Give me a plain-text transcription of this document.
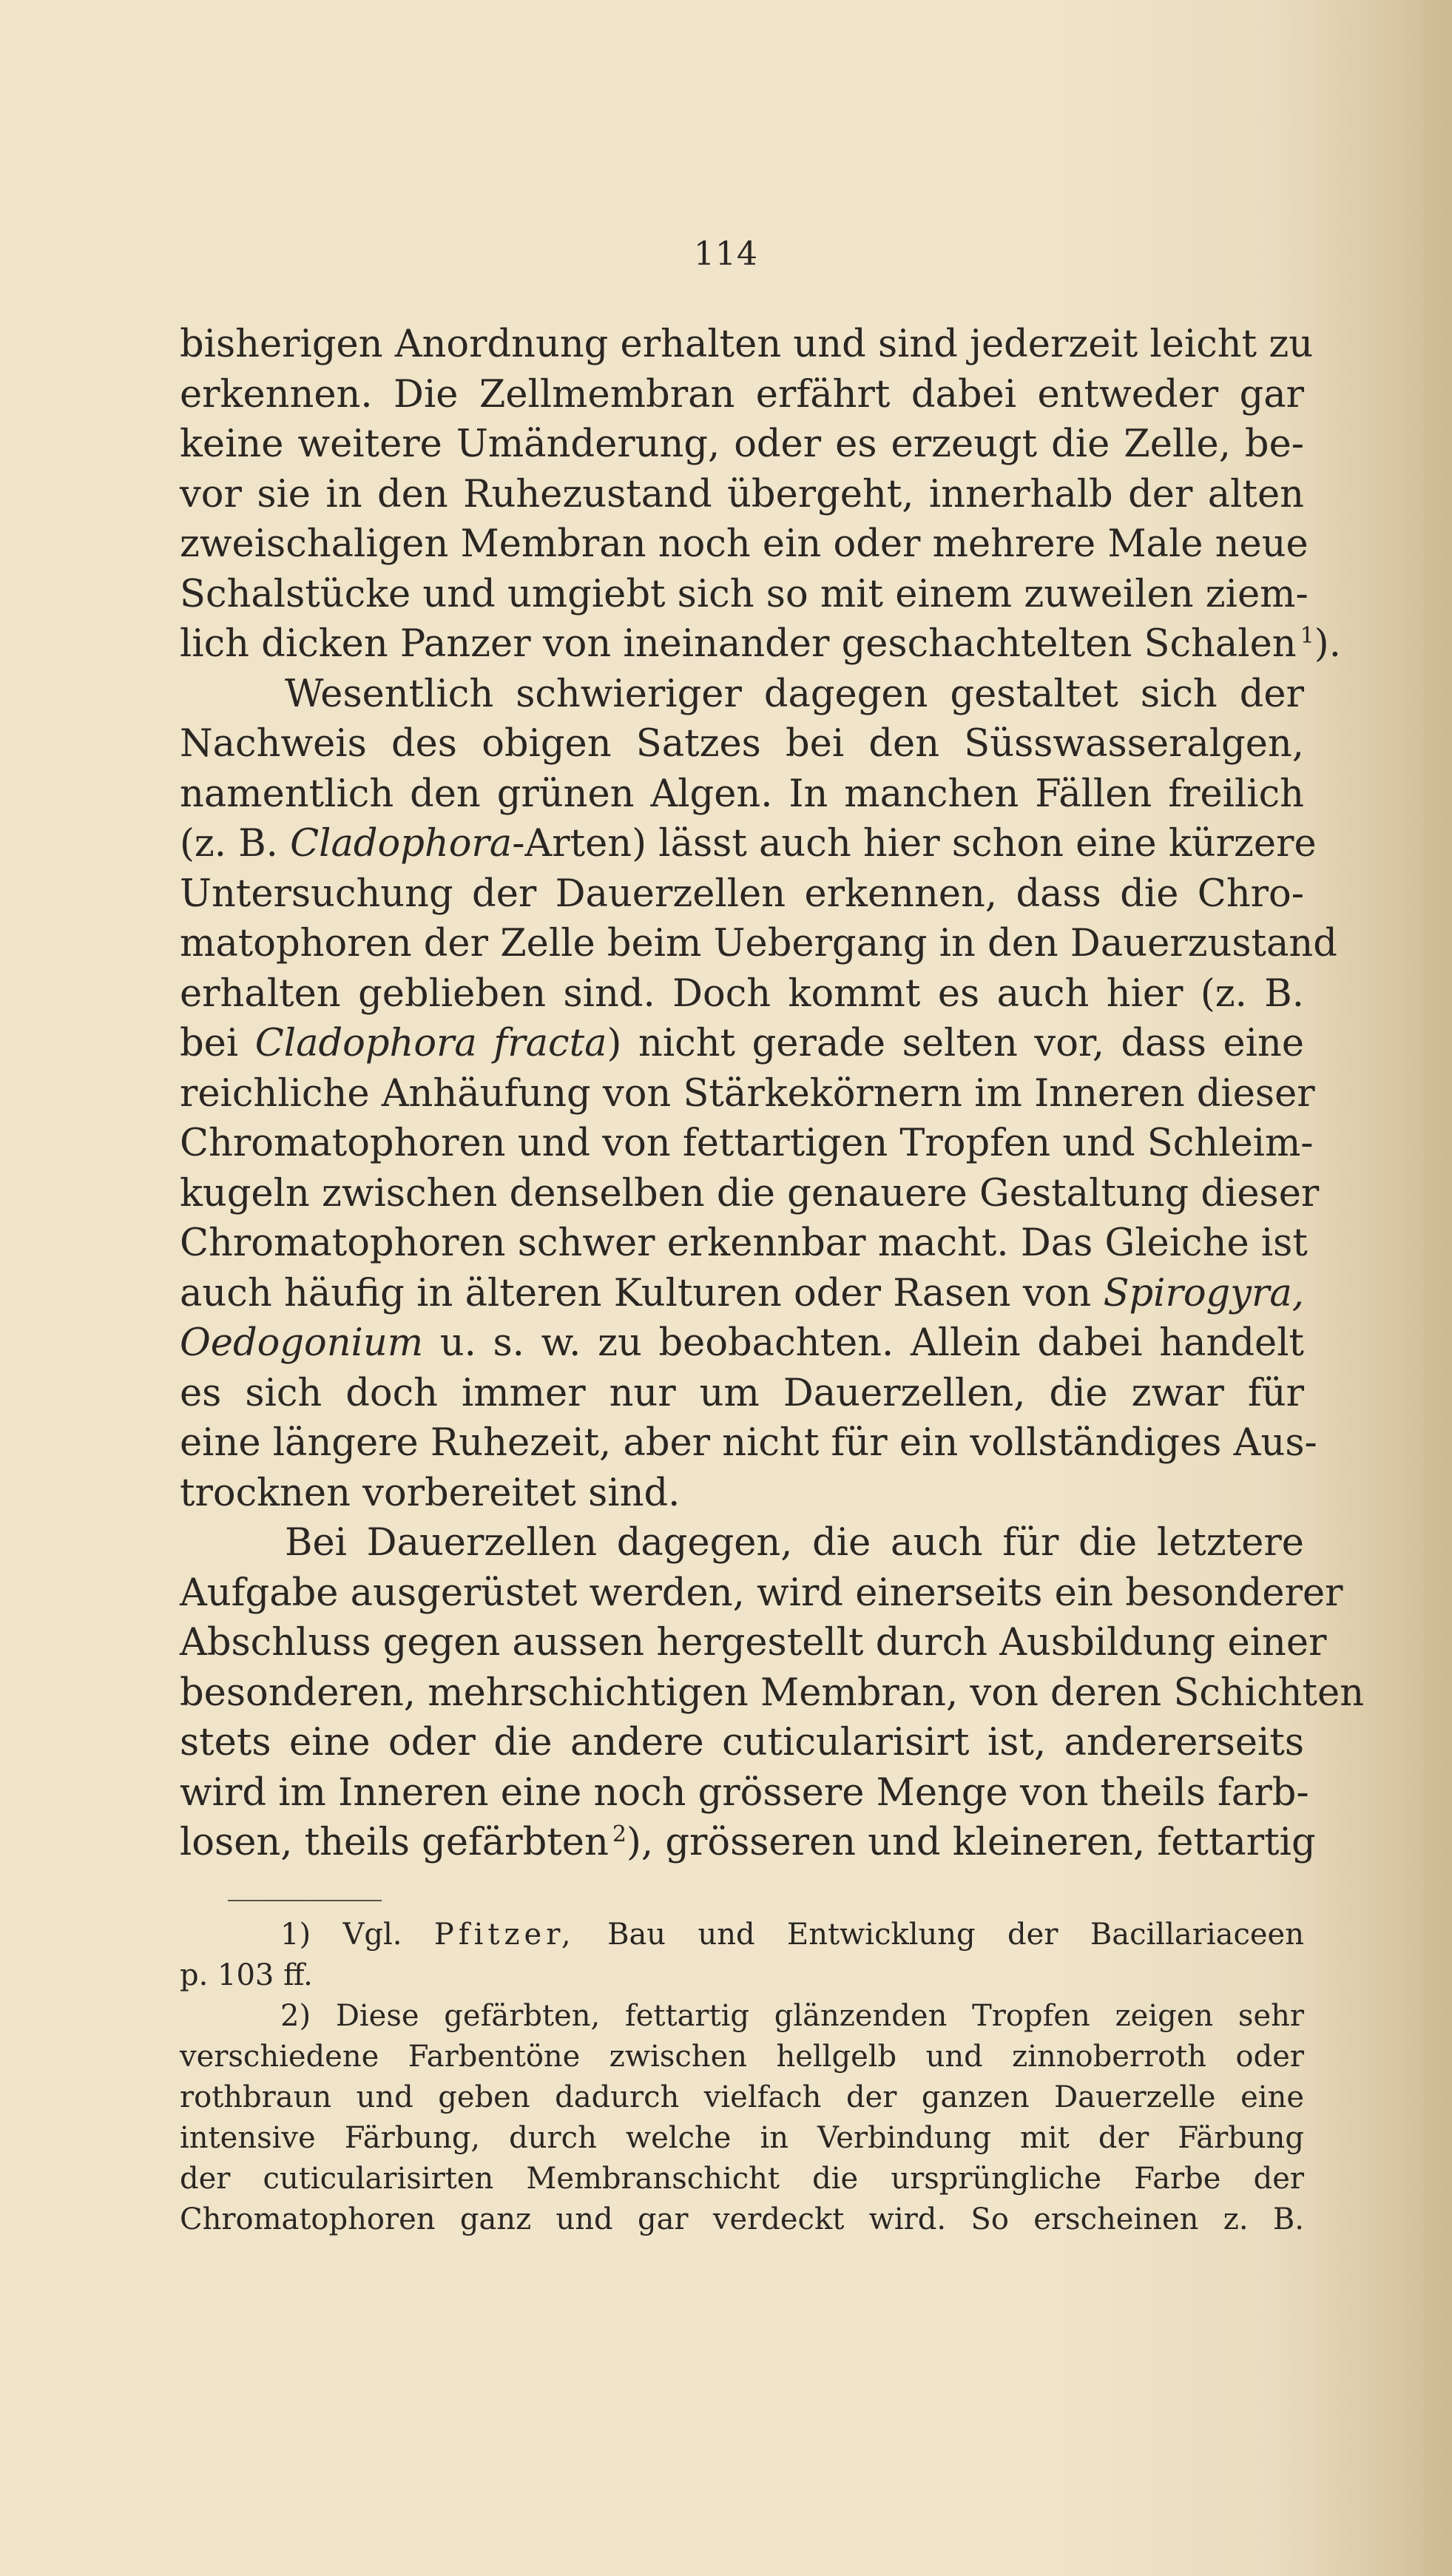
114
bisherigen Anordnung erhalten und sind jederzeit leicht zu
erkennen. Die Zellmembran erfährt dabei entweder gar
keine weitere Umänderung, oder es erzeugt die Zelle, be-
vor sie in den Ruhezustand übergeht, innerhalb der alten
zweischaligen Membran noch ein oder mehrere Male neue
Schalstücke und umgiebt sich so mit einem zuweilen ziem-
lich dicken Panzer von ineinander geschachtelten Schalen  $^1$).
Wesentlich schwieriger dagegen gestaltet sich der
Nachweis des obigen Satzes bei den Süsswasseralgen,
namentlich den grünen Algen. In manchen Fällen freilich
(z. B. Cladophora-Arten) lässt auch hier schon eine kürzere
Untersuchung der Dauerzellen erkennen, dass die Chro-
matophoren der Zelle beim Uebergang in den Dauerzustand
erhalten geblieben sind. Doch kommt es auch hier (z. B.
bei Cladophora fracta) nicht gerade selten vor, dass eine
reichliche Anhäufung von Stärkekörnern im Inneren dieser
Chromatophoren und von fettartigen Tropfen und Schleim-
kugeln zwischen denselben die genauere Gestaltung dieser
Chromatophoren schwer erkennbar macht. Das Gleiche ist
auch häufig in älteren Kulturen oder Rasen von Spirogyra,
Oedogonium u. s. w. zu beobachten. Allein dabei handelt
es sich doch immer nur um Dauerzellen, die zwar für
eine längere Ruhezeit, aber nicht für ein vollständiges Aus-
trocknen vorbereitet sind.
Bei Dauerzellen dagegen, die auch für die letztere
Aufgabe ausgerüstet werden, wird einerseits ein besonderer
Abschluss gegen aussen hergestellt durch Ausbildung einer
besonderen, mehrschichtigen Membran, von deren Schichten
stets eine oder die andere cuticularisirt ist, andererseits
wird im Inneren eine noch grössere Menge von theils farb-
losen, theils gefärbten  $^2$), grösseren und kleineren, fettartig
1) Vgl. Pfitzer, Bau und Entwicklung der Bacillariaceen
p. 103 ff.
2) Diese gefärbten, fettartig glänzenden Tropfen zeigen sehr
verschiedene Farbentöne zwischen hellgelb und zinnoberroth oder
rothbraun und geben dadurch vielfach der ganzen Dauerzelle eine
intensive Färbung, durch welche in Verbindung mit der Färbung
der cuticularisirten Membranschicht die ursprüngliche Farbe der
Chromatophoren ganz und gar verdeckt wird. So erscheinen z. B.
